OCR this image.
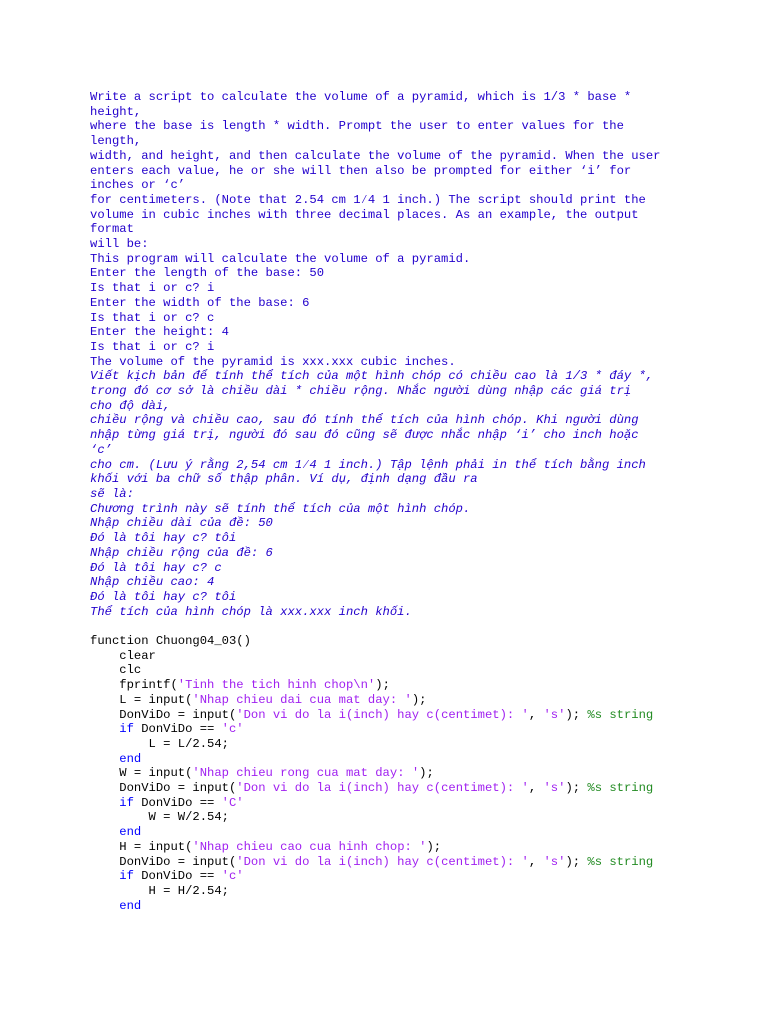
Write a script to calculate the volume of a pyramid, which is 1/3 * base *
height,
where the base is length * width. Prompt the user to enter values for the
length,
width, and height, and then calculate the volume of the pyramid. When the user
enters each value, he or she will then also be prompted for either ‘i’ for
inches or ‘c’
for centimeters. (Note that 2.54 cm 1⁄4 1 inch.) The script should print the
volume in cubic inches with three decimal places. As an example, the output
format
will be:
This program will calculate the volume of a pyramid.
Enter the length of the base: 50
Is that i or c? i
Enter the width of the base: 6
Is that i or c? c
Enter the height: 4
Is that i or c? i
The volume of the pyramid is xxx.xxx cubic inches.
Viết kịch bản để tính thể tích của một hình chóp có chiều cao là 1/3 * đáy *,
trong đó cơ sở là chiều dài * chiều rộng. Nhắc người dùng nhập các giá trị
cho độ dài,
chiều rộng và chiều cao, sau đó tính thể tích của hình chóp. Khi người dùng
nhập từng giá trị, người đó sau đó cũng sẽ được nhắc nhập ‘i’ cho inch hoặc
‘c’
cho cm. (Lưu ý rằng 2,54 cm 1⁄4 1 inch.) Tập lệnh phải in thể tích bằng inch
khối với ba chữ số thập phân. Ví dụ, định dạng đầu ra
sẽ là:
Chương trình này sẽ tính thể tích của một hình chóp.
Nhập chiều dài của đề: 50
Đó là tôi hay c? tôi
Nhập chiều rộng của đề: 6
Đó là tôi hay c? c
Nhập chiều cao: 4
Đó là tôi hay c? tôi
Thể tích của hình chóp là xxx.xxx inch khối.
function Chuong04_03()
clear
clc
fprintf('Tinh the tich hinh chop\n');
L = input('Nhap chieu dai cua mat day: ');
DonViDo = input('Don vi do la i(inch) hay c(centimet): ', 's'); %s string
if DonViDo == 'c'
L = L/2.54;
end
W = input('Nhap chieu rong cua mat day: ');
DonViDo = input('Don vi do la i(inch) hay c(centimet): ', 's'); %s string
if DonViDo == 'C'
W = W/2.54;
end
H = input('Nhap chieu cao cua hinh chop: ');
DonViDo = input('Don vi do la i(inch) hay c(centimet): ', 's'); %s string
if DonViDo == 'c'
H = H/2.54;
end
